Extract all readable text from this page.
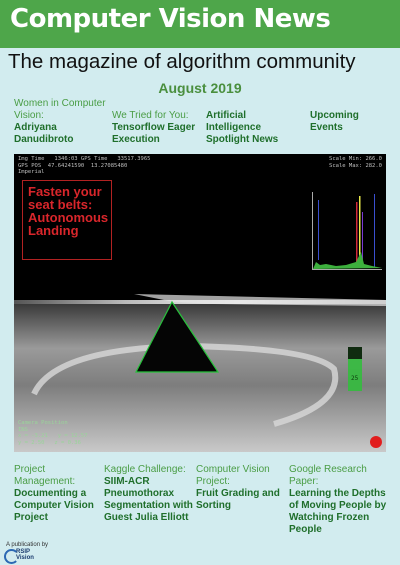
Computer Vision News
The magazine of algorithm community
August 2019
Women in Computer Vision:
Adriyana Danudibroto
We Tried for You:
Tensorflow Eager Execution
Artificial Intelligence Spotlight News
Upcoming Events
Img Time   1346:03 GPS Time   33517.3965
GPS POS  47.64241590  13.27085480
Imperial
Scale Min: 266.0
Scale Max: 282.0
Fasten your seat belts: Autonomous Landing
25
Camera Position
INS
x = -3.21   y = 12.57
y = 2.50   z = 0.36
Project Management:
Documenting a Computer Vision Project
Kaggle Challenge:
SIIM-ACR Pneumothorax Segmentation with Guest Julia Elliott
Computer Vision Project:
Fruit Grading and Sorting
Google Research Paper:
Learning the Depths of Moving People by Watching Frozen People
A publication by
RSIP Vision
